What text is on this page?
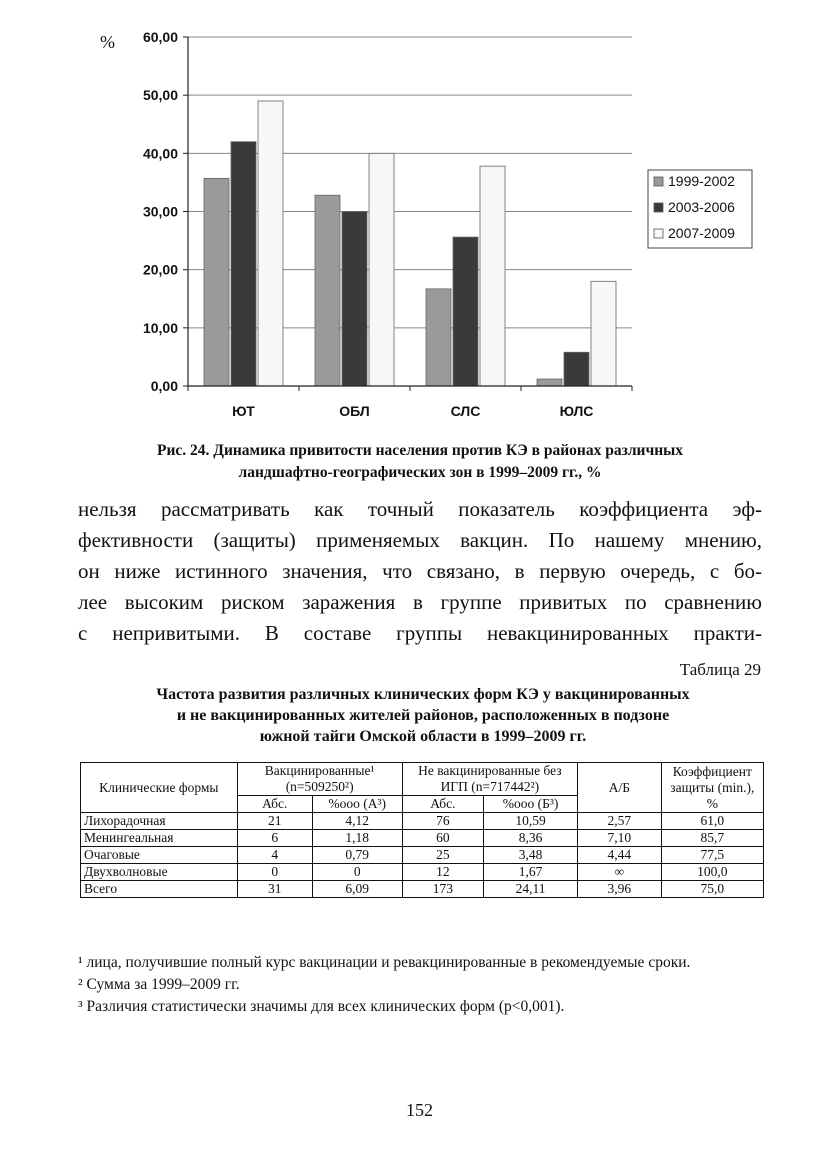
0,00
10,00
20,00
30,00
40,00
50,00
60,00
%
ЮТ	ОБЛ	СЛС	ЮЛС
1999-2002
2003-2006
2007-2009
Рис. 24. Динамика привитости населения против КЭ в районах различных
ландшафтно-географических зон в 1999–2009 гг., %
нельзя рассматривать как точный показатель коэффициента эф-
фективности (защиты) применяемых вакцин. По нашему мнению,
он ниже истинного значения, что связано, в первую очередь, с бо-
лее высоким риском заражения в группе привитых по сравнению
с непривитыми. В составе группы невакцинированных практи-
Таблица 29
Частота развития различных клинических форм КЭ у вакцинированных
и не вакцинированных жителей районов, расположенных в подзоне
южной тайги Омской области в 1999–2009 гг.
Клинические формы	Вакцинированные¹ (n=509250²)		Не вакцинированные без ИГП (n=717442²)		А/Б	Коэффициент защиты (min.), %
	Абс.	%ооо (А³)	Абс.	%ооо (Б³)		
Лихорадочная	21	4,12	76	10,59	2,57	61,0
Менингеальная	6	1,18	60	8,36	7,10	85,7
Очаговые	4	0,79	25	3,48	4,44	77,5
Двухволновые	0	0	12	1,67	∞	100,0
Всего	31	6,09	173	24,11	3,96	75,0

¹ лица, получившие полный курс вакцинации и ревакцинированные в рекомендуемые сроки.

² Сумма за 1999–2009 гг.

³ Различия статистически значимы для всех клинических форм (р<0,001).

152
